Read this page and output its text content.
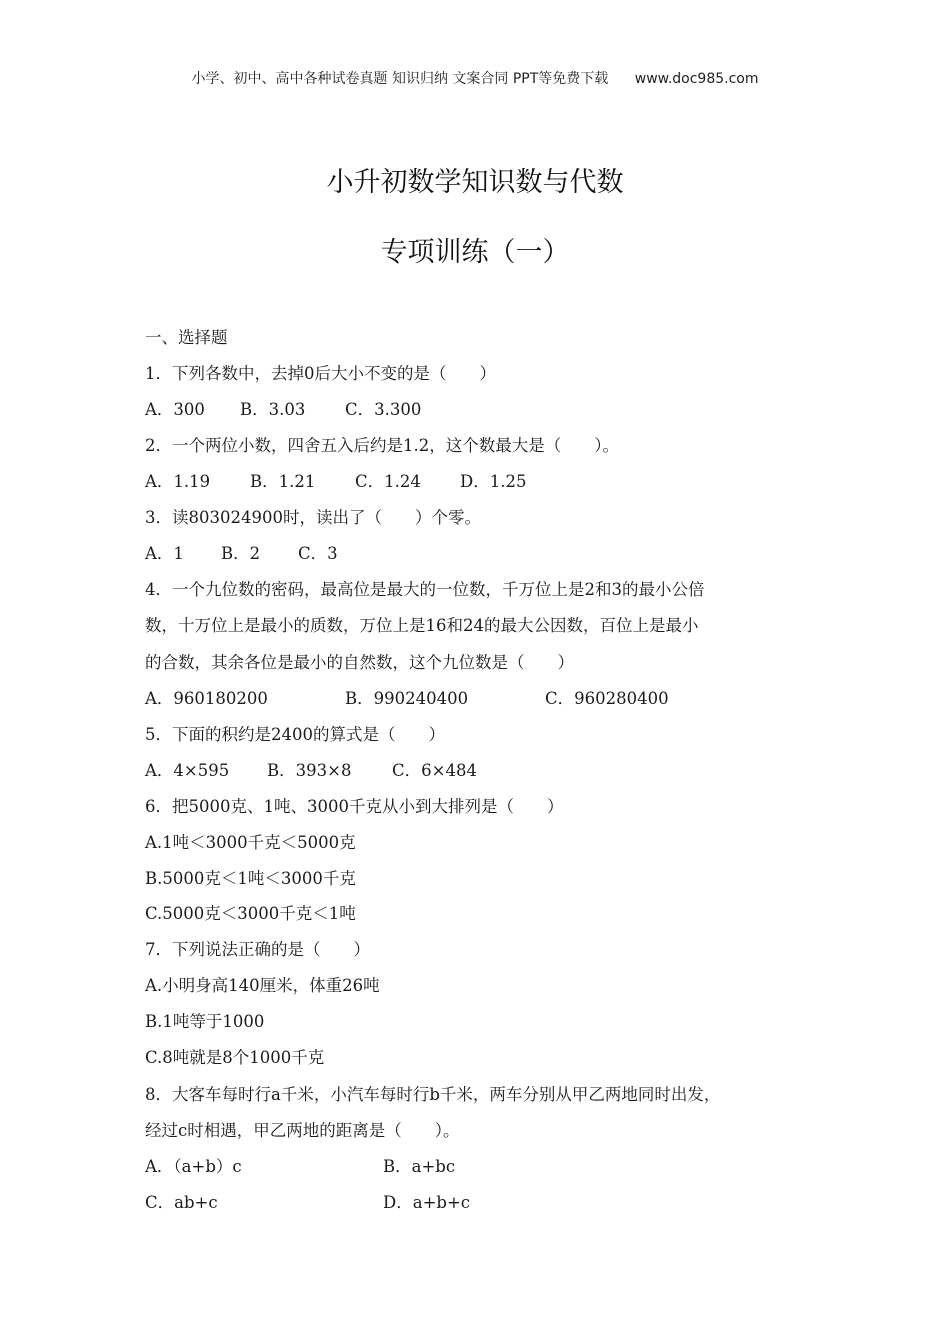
小学、初中、高中各种试卷真题 知识归纳 文案合同 PPT等免费下载 www.doc985.com
小升初数学知识数与代数
专项训练（一）
一、选择题
1．下列各数中，去掉0后大小不变的是（　　）
A．300 B．3.03 C．3.300
2．一个两位小数，四舍五入后约是1.2，这个数最大是（　　）。
A．1.19 B．1.21 C．1.24 D．1.25
3．读803024900时，读出了（　　）个零。
A．1 B．2 C．3
4．一个九位数的密码，最高位是最大的一位数，千万位上是2和3的最小公倍
数，十万位上是最小的质数，万位上是16和24的最大公因数，百位上是最小
的合数，其余各位是最小的自然数，这个九位数是（　　）
A．960180200	B．990240400	C．960280400
5．下面的积约是2400的算式是（　　）
A．4×595 B．393×8 C．6×484
6．把5000克、1吨、3000千克从小到大排列是（　　）
A.1吨＜3000千克＜5000克
B.5000克＜1吨＜3000千克
C.5000克＜3000千克＜1吨
7．下列说法正确的是（　　）
A.小明身高140厘米，体重26吨
B.1吨等于1000
C.8吨就是8个1000千克
8．大客车每时行a千米，小汽车每时行b千米，两车分别从甲乙两地同时出发，
经过c时相遇，甲乙两地的距离是（　　）。
A．（a+b）c	B．a+bc
C．ab+c	D．a+b+c
